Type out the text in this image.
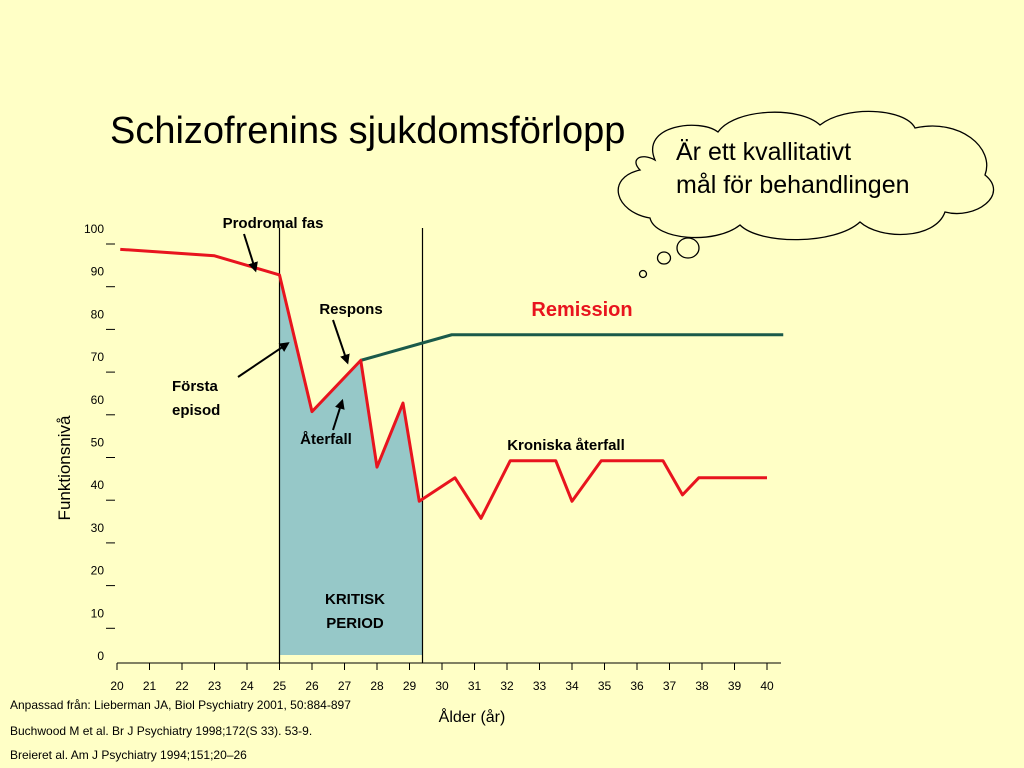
Schizofrenins sjukdomsförlopp
KRITISK
PERIOD
20 21 22 23 24 25 26 27 28 29 30 31 32 33 34 35 36 37 38 39 40
0
10
20
30
40
50
60
70
80
90
100
Ålder (år)
Funktionsnivå
Prodromal fas
Respons
Första
episod
Återfall
Remission
Kroniska återfall
Är ett kvallitativt
mål för behandlingen
Anpassad från: Lieberman JA, Biol Psychiatry 2001, 50:884-897
Buchwood M et al. Br J Psychiatry 1998;172(S 33). 53-9.
Breieret al. Am J Psychiatry 1994;151;20–26
